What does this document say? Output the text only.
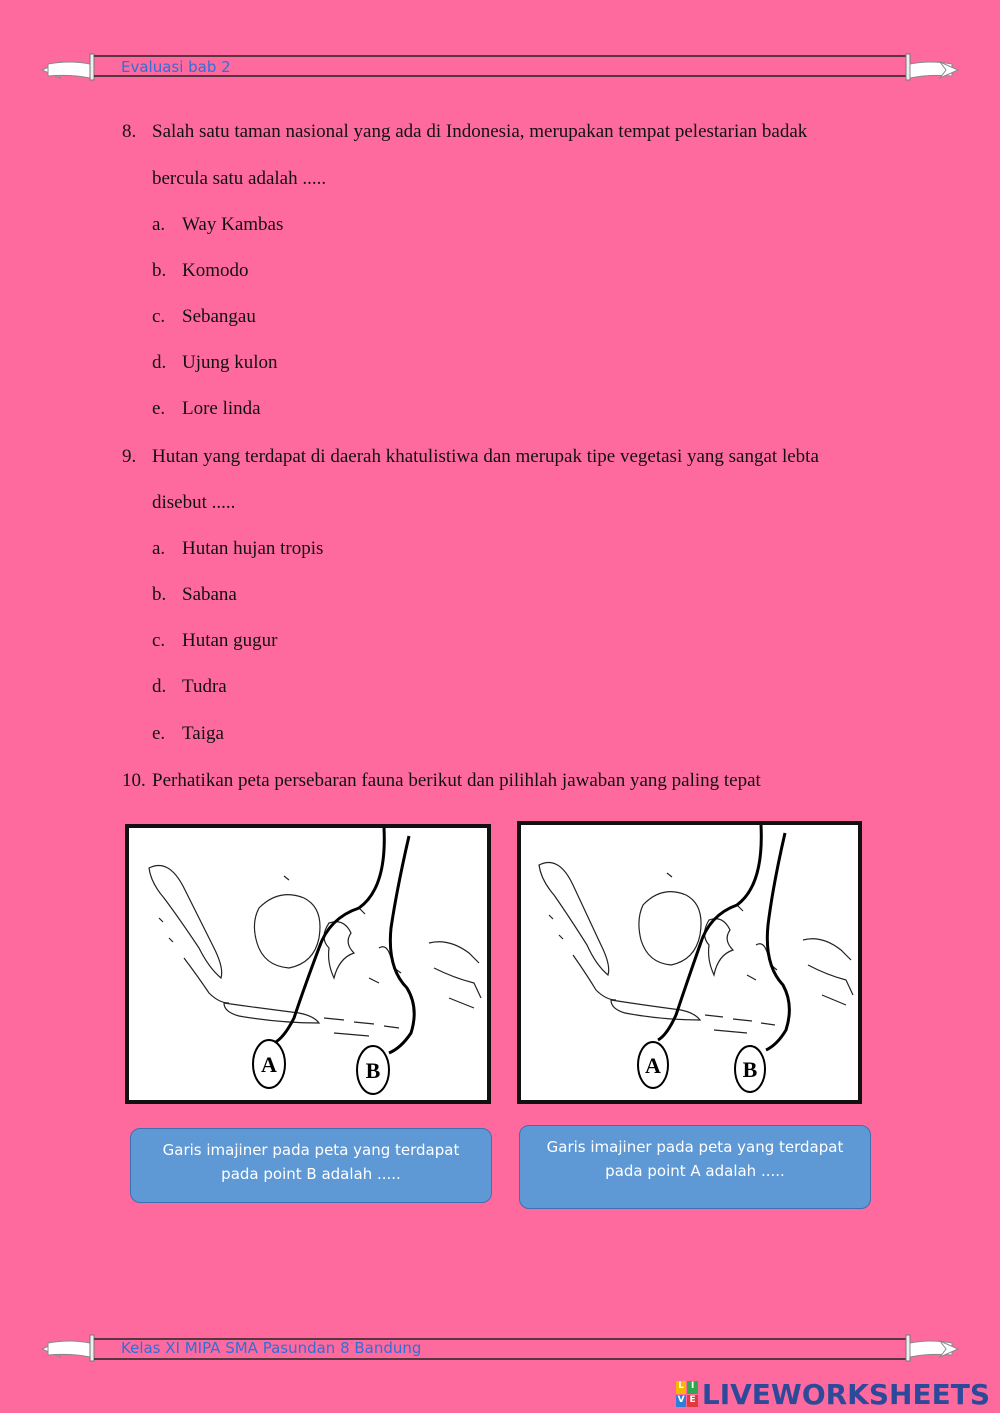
Evaluasi bab 2
8. Salah satu taman nasional yang ada di Indonesia, merupakan tempat pelestarian badak
bercula satu adalah .....
a. Way Kambas
b. Komodo
c. Sebangau
d. Ujung kulon
e. Lore linda
9. Hutan yang terdapat di daerah khatulistiwa dan merupak tipe vegetasi yang sangat lebta
disebut .....
a. Hutan hujan tropis
b. Sabana
c. Hutan gugur
d. Tudra
e. Taiga
10. Perhatikan peta persebaran fauna berikut dan pilihlah jawaban yang paling tepat
A	B	A	B
Garis imajiner pada peta yang terdapat
pada point B adalah .....
Garis imajiner pada peta yang terdapat
pada point A adalah .....
Kelas XI MIPA SMA Pasundan 8 Bandung
L I
V E LIVEWORKSHEETS
